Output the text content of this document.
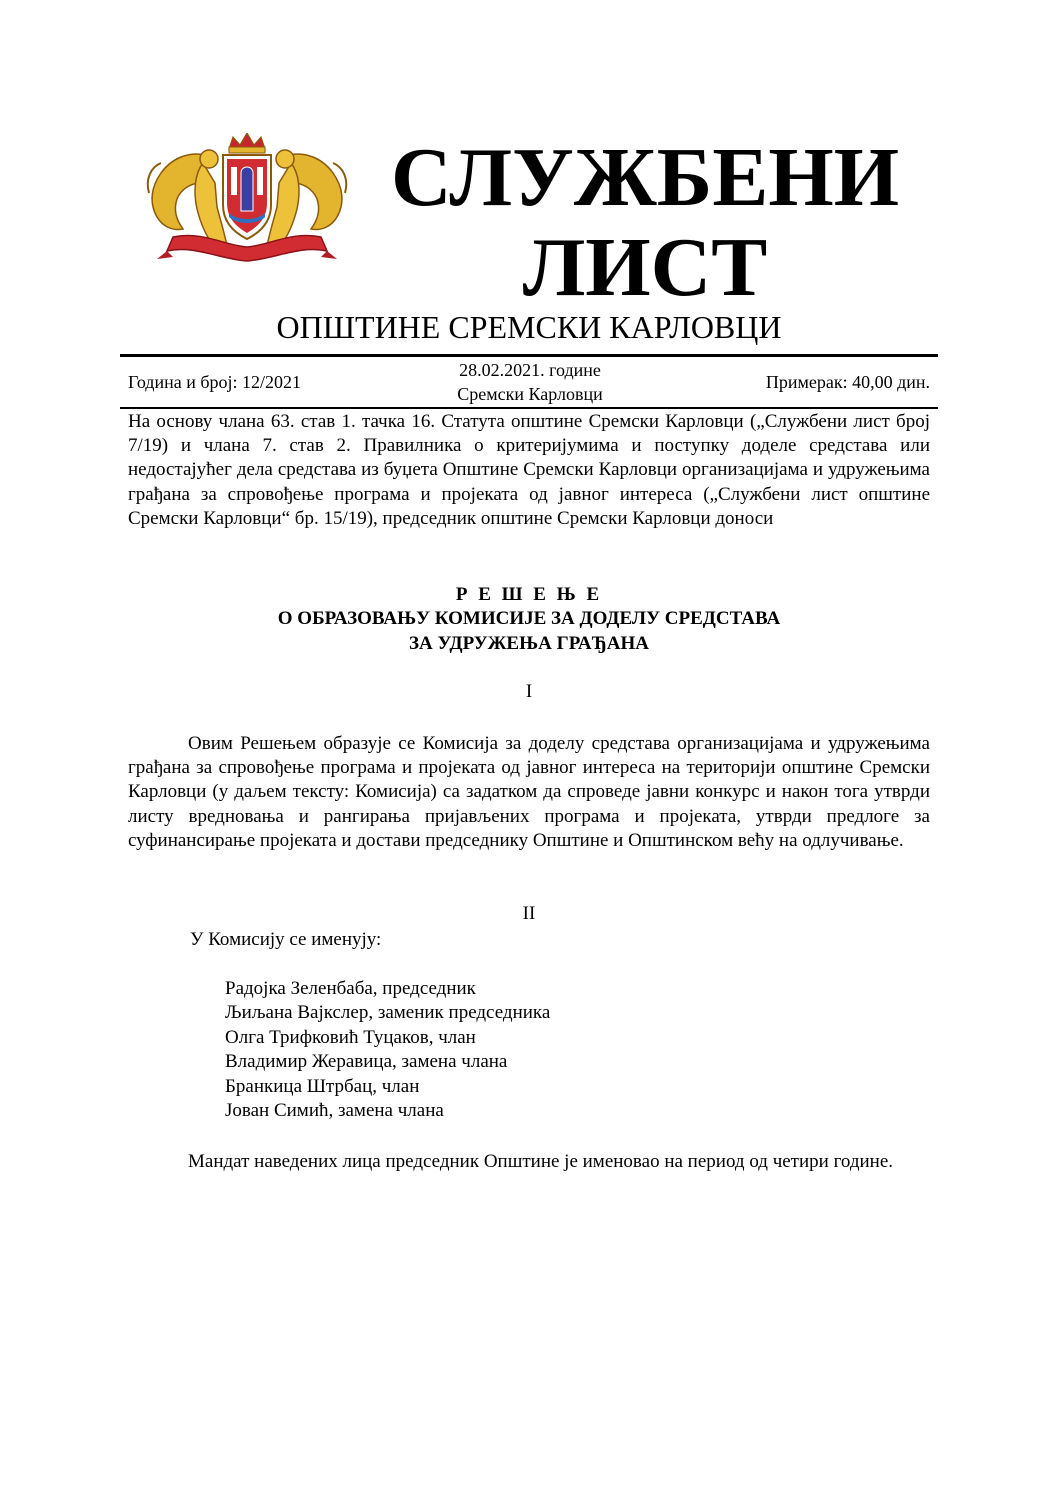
СЛУЖБЕНИ
ЛИСТ
ОПШТИНЕ СРЕМСКИ КАРЛОВЦИ
Година и број: 12/2021
28.02.2021. године
Сремски Карловци
Примерак: 40,00 дин.
На основу члана 63. став 1. тачка 16. Статута општине Сремски Карловци („Службени лист број 7/19) и члана 7. став 2. Правилника о критеријумима и поступку доделе средстава или недостајућег дела средстава из буџета Општине Сремски Карловци организацијама и удружењима грађана за спровођење програма и пројеката од јавног интереса („Службени лист општине Сремски Карловци“ бр. 15/19), председник општине Сремски Карловци доноси
Р Е Ш Е Њ Е
О ОБРАЗОВАЊУ КОМИСИЈЕ ЗА ДОДЕЛУ СРЕДСТАВА
ЗА УДРУЖЕЊА ГРАЂАНА
I
Овим Решењем образује се Комисија за доделу средстава организацијама и удружењима грађана за спровођење програма и пројеката од јавног интереса на територији општине Сремски Карловци (у даљем тексту: Комисија) са задатком да спроведе јавни конкурс и након тога утврди листу вредновања и рангирања пријављених програма и пројеката, утврди предлоге за суфинансирање пројеката и достави председнику Општине и Општинском већу на одлучивање.
II
У Комисију се именују:
Радојка Зеленбаба, председник
Љиљана Вајкслер, заменик председника
Олга Трифковић Туцаков, члан
Владимир Жеравица, замена члана
Бранкица Штрбац, члан
Јован Симић, замена члана
Мандат наведених лица председник Општине је именовао на период од четири године.
